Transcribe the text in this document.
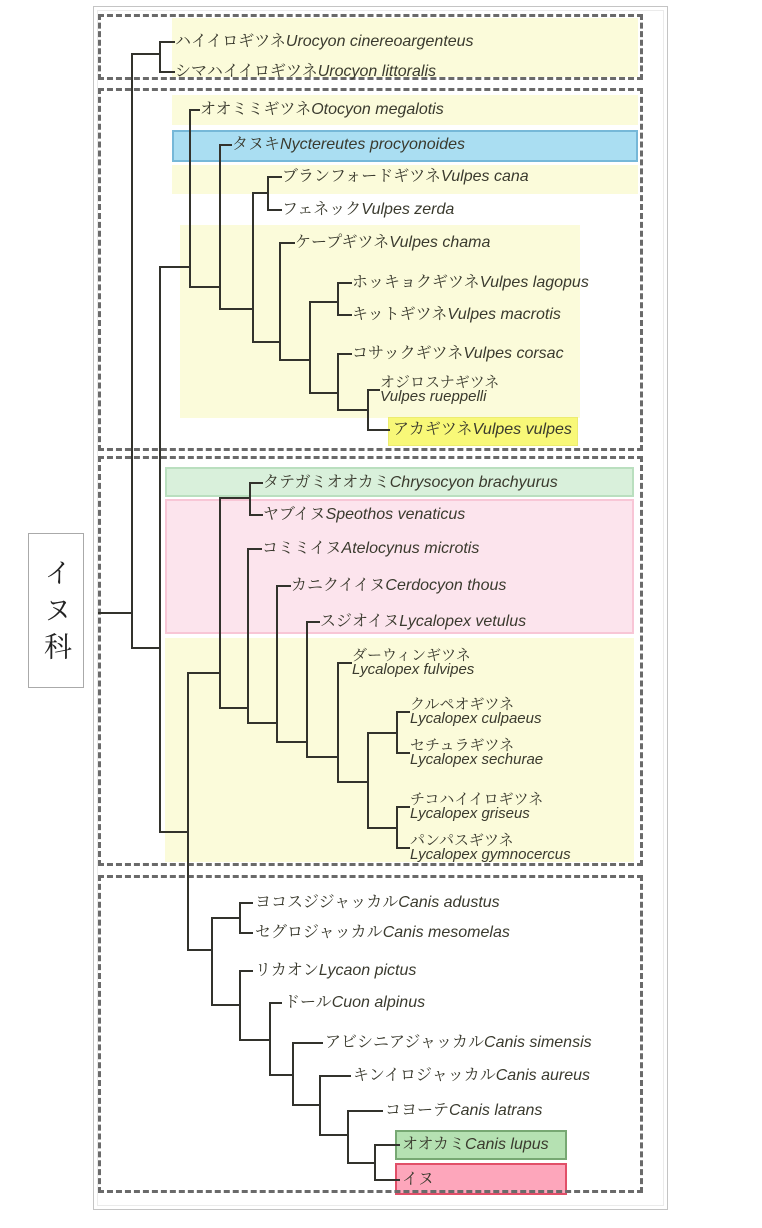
イヌ科
ハイイロギツネUrocyon cinereoargenteus
シマハイイロギツネUrocyon littoralis
オオミミギツネOtocyon megalotis
タヌキNyctereutes procyonoides
ブランフォードギツネVulpes cana
フェネックVulpes zerda
ケープギツネVulpes chama
ホッキョクギツネVulpes lagopus
キットギツネVulpes macrotis
コサックギツネVulpes corsac
オジロスナギツネ
Vulpes rueppelli
アカギツネVulpes vulpes
タテガミオオカミChrysocyon brachyurus
ヤブイヌSpeothos venaticus
コミミイヌAtelocynus microtis
カニクイイヌCerdocyon thous
スジオイヌLycalopex vetulus
ダーウィンギツネ
Lycalopex fulvipes
クルペオギツネ
Lycalopex culpaeus
セチュラギツネ
Lycalopex sechurae
チコハイイロギツネ
Lycalopex griseus
パンパスギツネ
Lycalopex gymnocercus
ヨコスジジャッカルCanis adustus
セグロジャッカルCanis mesomelas
リカオンLycaon pictus
ドールCuon alpinus
アビシニアジャッカルCanis simensis
キンイロジャッカルCanis aureus
コヨーテCanis latrans
オオカミCanis lupus
イヌ
